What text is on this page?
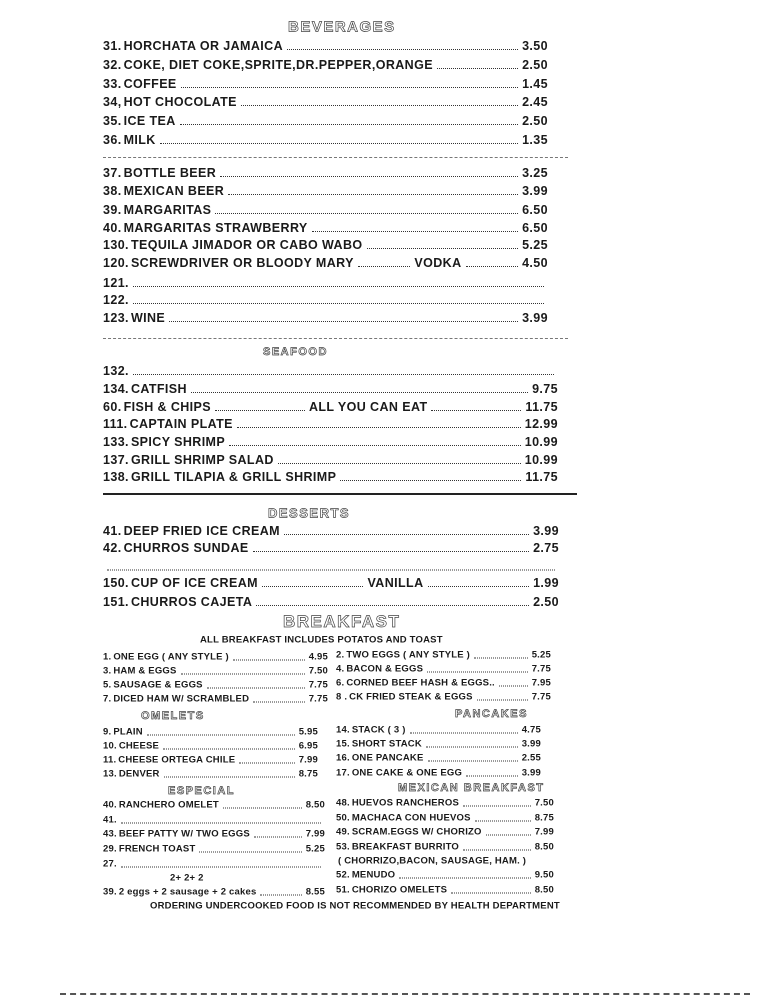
BEVERAGES
31. HORCHATA OR JAMAICA	3.50
32. COKE, DIET COKE,SPRITE,DR.PEPPER,ORANGE	2.50
33. COFFEE	1.45
34, HOT CHOCOLATE	2.45
35. ICE TEA	2.50
36. MILK	1.35
37. BOTTLE BEER	3.25
38. MEXICAN BEER	3.99
39. MARGARITAS	6.50
40. MARGARITAS STRAWBERRY	6.50
130. TEQUILA JIMADOR OR CABO WABO	5.25
120. SCREWDRIVER OR BLOODY MARY	VODKA	4.50
121.
122.
123. WINE	3.99
SEAFOOD
132.
134. CATFISH	9.75
60. FISH & CHIPS	ALL YOU CAN EAT	11.75
111. CAPTAIN PLATE	12.99
133. SPICY SHRIMP	10.99
137. GRILL SHRIMP SALAD	10.99
138. GRILL TILAPIA & GRILL SHRIMP	11.75
DESSERTS
41. DEEP FRIED ICE CREAM	3.99
42. CHURROS SUNDAE	2.75
150. CUP OF ICE CREAM	VANILLA	1.99
151. CHURROS CAJETA	2.50
BREAKFAST
ALL BREAKFAST INCLUDES POTATOS AND TOAST
1. ONE EGG ( ANY STYLE )	4.95
3. HAM & EGGS	7.50
5. SAUSAGE & EGGS	7.75
7. DICED HAM W/ SCRAMBLED	7.75
2. TWO EGGS ( ANY STYLE )	5.25
4. BACON & EGGS	7.75
6. CORNED BEEF HASH & EGGS..	7.95
8 . CK FRIED STEAK & EGGS	7.75
OMELETS	PANCAKES
9. PLAIN	5.95
10. CHEESE	6.95
11. CHEESE ORTEGA CHILE	7.99
13. DENVER	8.75
14. STACK ( 3 )	4.75
15. SHORT STACK	3.99
16. ONE PANCAKE	2.55
17. ONE CAKE & ONE EGG	3.99
ESPECIAL	MEXICAN BREAKFAST
40. RANCHERO OMELET	8.50
41.
43. BEEF PATTY W/ TWO EGGS	7.99
29. FRENCH TOAST	5.25
27.
48. HUEVOS RANCHEROS	7.50
50. MACHACA CON HUEVOS	8.75
49. SCRAM.EGGS W/ CHORIZO	7.99
53. BREAKFAST BURRITO	8.50
( CHORRIZO,BACON, SAUSAGE, HAM. )
52. MENUDO	9.50
51. CHORIZO OMELETS	8.50
2+ 2+ 2
39. 2 eggs + 2 sausage + 2 cakes	8.55
ORDERING UNDERCOOKED FOOD IS NOT RECOMMENDED BY HEALTH DEPARTMENT
